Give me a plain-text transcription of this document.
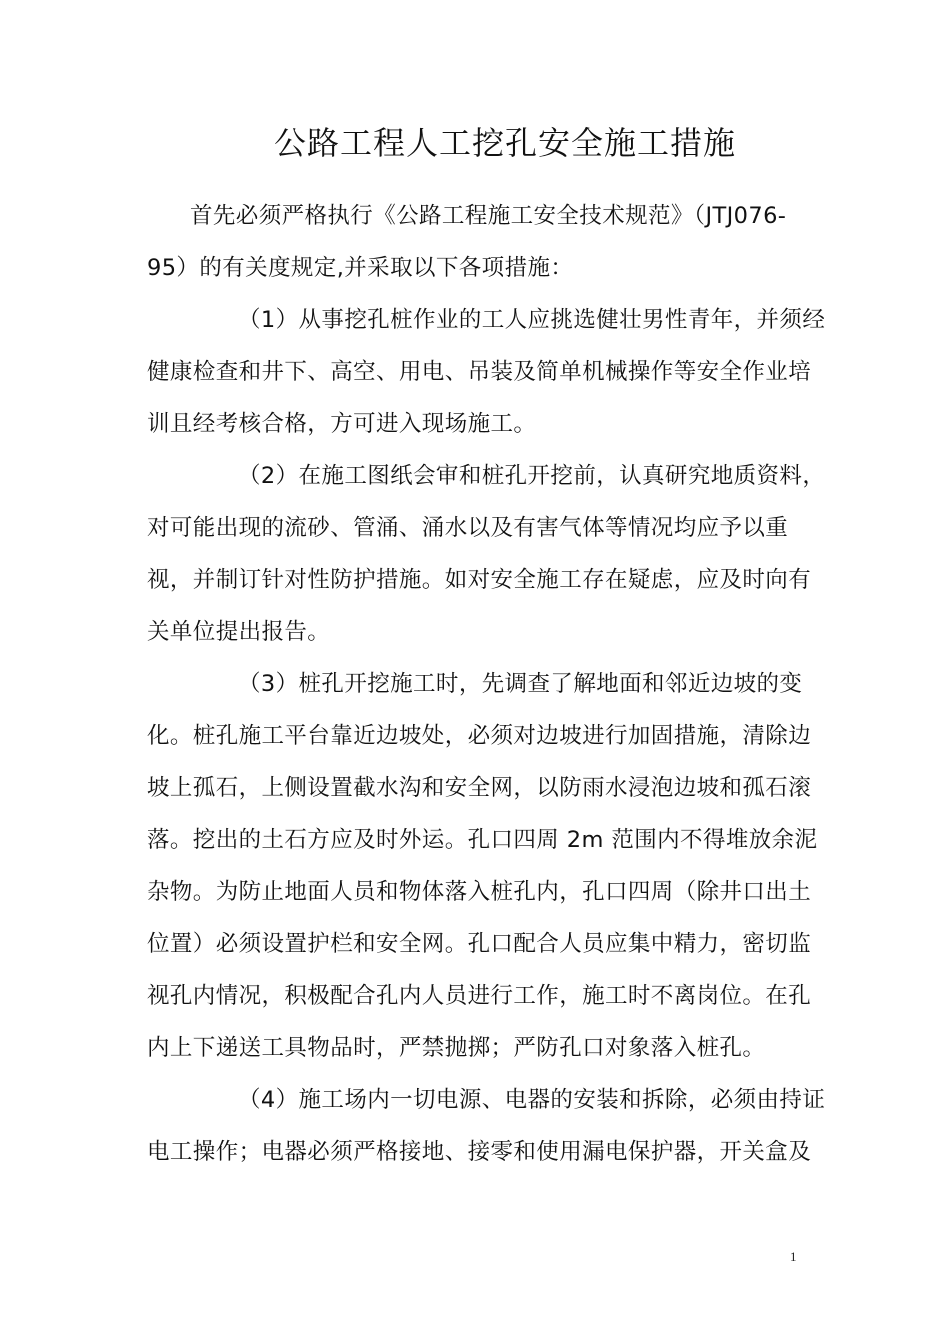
公路工程人工挖孔安全施工措施
首先必须严格执行《公路工程施工安全技术规范》（JTJ076-
95）的有关度规定,并采取以下各项措施：
（1）从事挖孔桩作业的工人应挑选健壮男性青年，并须经
健康检查和井下、高空、用电、吊装及简单机械操作等安全作业培
训且经考核合格，方可进入现场施工。
（2）在施工图纸会审和桩孔开挖前，认真研究地质资料，
对可能出现的流砂、管涌、涌水以及有害气体等情况均应予以重
视，并制订针对性防护措施。如对安全施工存在疑虑，应及时向有
关单位提出报告。
（3）桩孔开挖施工时，先调查了解地面和邻近边坡的变
化。桩孔施工平台靠近边坡处，必须对边坡进行加固措施，清除边
坡上孤石，上侧设置截水沟和安全网，以防雨水浸泡边坡和孤石滚
落。挖出的土石方应及时外运。孔口四周 2m 范围内不得堆放余泥
杂物。为防止地面人员和物体落入桩孔内，孔口四周（除井口出土
位置）必须设置护栏和安全网。孔口配合人员应集中精力，密切监
视孔内情况，积极配合孔内人员进行工作，施工时不离岗位。在孔
内上下递送工具物品时，严禁抛掷；严防孔口对象落入桩孔。
（4）施工场内一切电源、电器的安装和拆除，必须由持证
电工操作；电器必须严格接地、接零和使用漏电保护器，开关盒及
1
